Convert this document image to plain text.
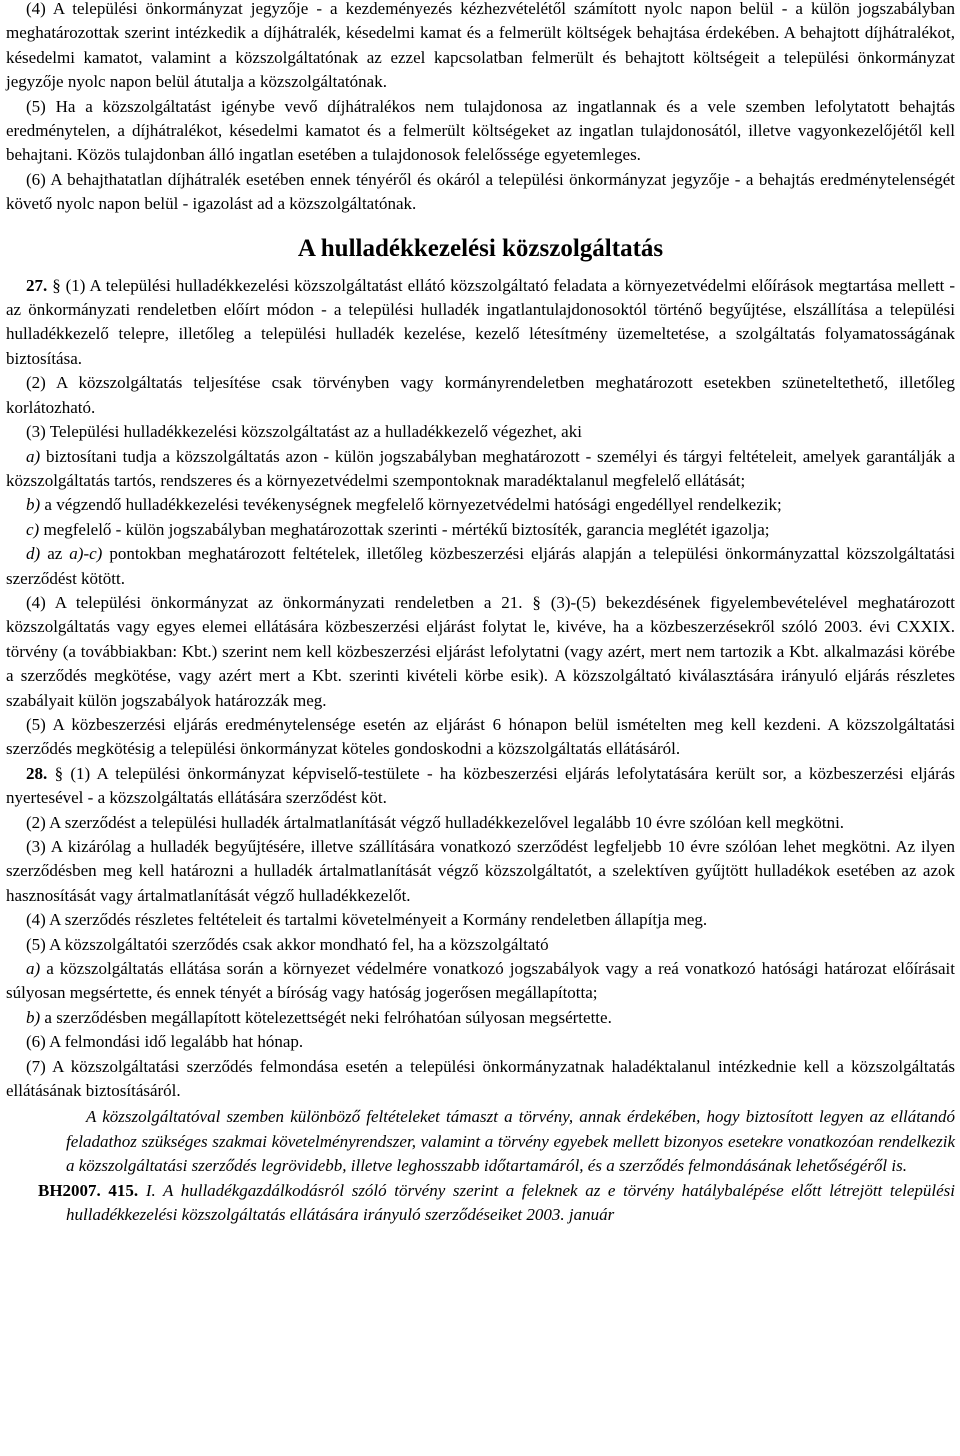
(4) A települési önkormányzat jegyzője - a kezdeményezés kézhezvételétől számított nyolc napon belül - a külön jogszabályban meghatározottak szerint intézkedik a díjhátralék, késedelmi kamat és a felmerült költségek behajtása érdekében. A behajtott díjhátralékot, késedelmi kamatot, valamint a közszolgáltatónak az ezzel kapcsolatban felmerült és behajtott költségeit a települési önkormányzat jegyzője nyolc napon belül átutalja a közszolgáltatónak.

(5) Ha a közszolgáltatást igénybe vevő díjhátralékos nem tulajdonosa az ingatlannak és a vele szemben lefolytatott behajtás eredménytelen, a díjhátralékot, késedelmi kamatot és a felmerült költségeket az ingatlan tulajdonosától, illetve vagyonkezelőjétől kell behajtani. Közös tulajdonban álló ingatlan esetében a tulajdonosok felelőssége egyetemleges.

(6) A behajthatatlan díjhátralék esetében ennek tényéről és okáról a települési önkormányzat jegyzője - a behajtás eredménytelenségét követő nyolc napon belül - igazolást ad a közszolgáltatónak.

A hulladékkezelési közszolgáltatás

27. § (1) A települési hulladékkezelési közszolgáltatást ellátó közszolgáltató feladata a környezetvédelmi előírások megtartása mellett - az önkormányzati rendeletben előírt módon - a települési hulladék ingatlantulajdonosoktól történő begyűjtése, elszállítása a települési hulladékkezelő telepre, illetőleg a települési hulladék kezelése, kezelő létesítmény üzemeltetése, a szolgáltatás folyamatosságának biztosítása.

(2) A közszolgáltatás teljesítése csak törvényben vagy kormányrendeletben meghatározott esetekben szüneteltethető, illetőleg korlátozható.

(3) Települési hulladékkezelési közszolgáltatást az a hulladékkezelő végezhet, aki

a) biztosítani tudja a közszolgáltatás azon - külön jogszabályban meghatározott - személyi és tárgyi feltételeit, amelyek garantálják a közszolgáltatás tartós, rendszeres és a környezetvédelmi szempontoknak maradéktalanul megfelelő ellátását;

b) a végzendő hulladékkezelési tevékenységnek megfelelő környezetvédelmi hatósági engedéllyel rendelkezik;

c) megfelelő - külön jogszabályban meghatározottak szerinti - mértékű biztosíték, garancia meglétét igazolja;

d) az a)-c) pontokban meghatározott feltételek, illetőleg közbeszerzési eljárás alapján a települési önkormányzattal közszolgáltatási szerződést kötött.

(4) A települési önkormányzat az önkormányzati rendeletben a 21. § (3)-(5) bekezdésének figyelembevételével meghatározott közszolgáltatás vagy egyes elemei ellátására közbeszerzési eljárást folytat le, kivéve, ha a közbeszerzésekről szóló 2003. évi CXXIX. törvény (a továbbiakban: Kbt.) szerint nem kell közbeszerzési eljárást lefolytatni (vagy azért, mert nem tartozik a Kbt. alkalmazási körébe a szerződés megkötése, vagy azért mert a Kbt. szerinti kivételi körbe esik). A közszolgáltató kiválasztására irányuló eljárás részletes szabályait külön jogszabályok határozzák meg.

(5) A közbeszerzési eljárás eredménytelensége esetén az eljárást 6 hónapon belül ismételten meg kell kezdeni. A közszolgáltatási szerződés megkötésig a települési önkormányzat köteles gondoskodni a közszolgáltatás ellátásáról.

28. § (1) A települési önkormányzat képviselő-testülete - ha közbeszerzési eljárás lefolytatására került sor, a közbeszerzési eljárás nyertesével - a közszolgáltatás ellátására szerződést köt.

(2) A szerződést a települési hulladék ártalmatlanítását végző hulladékkezelővel legalább 10 évre szólóan kell megkötni.

(3) A kizárólag a hulladék begyűjtésére, illetve szállítására vonatkozó szerződést legfeljebb 10 évre szólóan lehet megkötni. Az ilyen szerződésben meg kell határozni a hulladék ártalmatlanítását végző közszolgáltatót, a szelektíven gyűjtött hulladékok esetében az azok hasznosítását vagy ártalmatlanítását végző hulladékkezelőt.

(4) A szerződés részletes feltételeit és tartalmi követelményeit a Kormány rendeletben állapítja meg.

(5) A közszolgáltatói szerződés csak akkor mondható fel, ha a közszolgáltató

a) a közszolgáltatás ellátása során a környezet védelmére vonatkozó jogszabályok vagy a reá vonatkozó hatósági határozat előírásait súlyosan megsértette, és ennek tényét a bíróság vagy hatóság jogerősen megállapította;

b) a szerződésben megállapított kötelezettségét neki felróhatóan súlyosan megsértette.

(6) A felmondási idő legalább hat hónap.

(7) A közszolgáltatási szerződés felmondása esetén a települési önkormányzatnak haladéktalanul intézkednie kell a közszolgáltatás ellátásának biztosításáról.

A közszolgáltatóval szemben különböző feltételeket támaszt a törvény, annak érdekében, hogy biztosított legyen az ellátandó feladathoz szükséges szakmai követelményrendszer, valamint a törvény egyebek mellett bizonyos esetekre vonatkozóan rendelkezik a közszolgáltatási szerződés legrövidebb, illetve leghosszabb időtartamáról, és a szerződés felmondásának lehetőségéről is.

BH2007. 415. I. A hulladékgazdálkodásról szóló törvény szerint a feleknek az e törvény hatálybalépése előtt létrejött települési hulladékkezelési közszolgáltatás ellátására irányuló szerződéseiket 2003. január
